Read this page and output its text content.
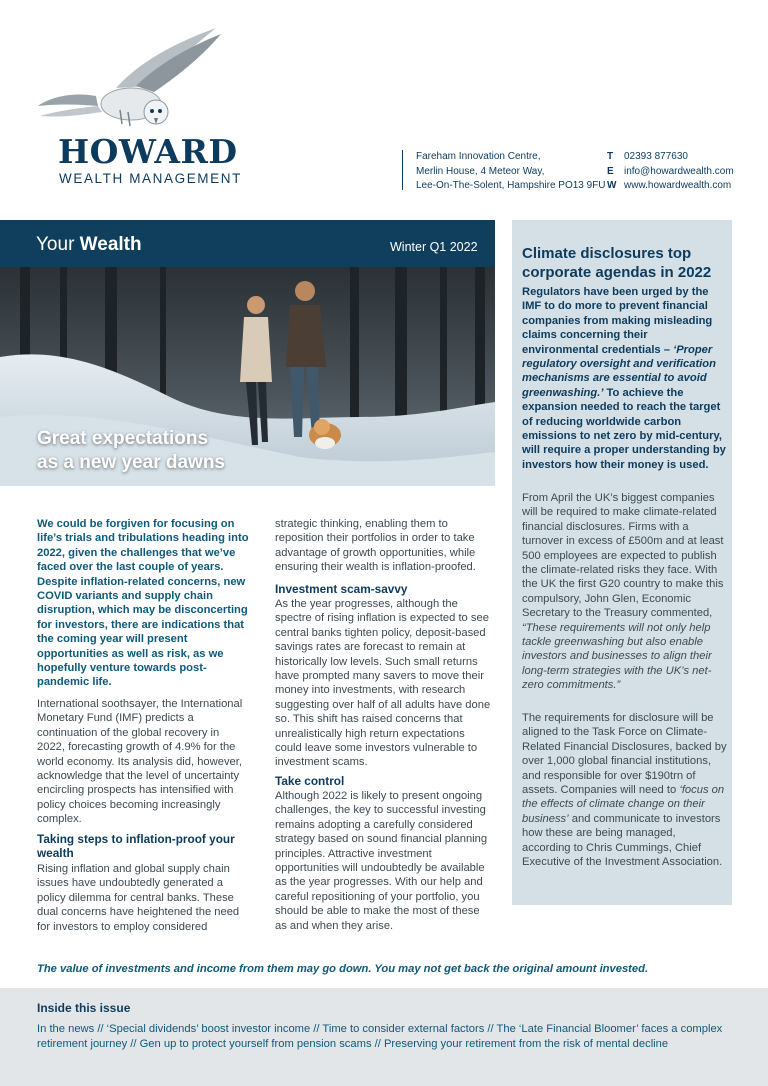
HOWARD
WEALTH MANAGEMENT
Fareham Innovation Centre,
Merlin House, 4 Meteor Way,
Lee-On-The-Solent, Hampshire PO13 9FU
T 02393 877630
E info@howardwealth.com
W www.howardwealth.com
Your Wealth	Winter Q1 2022
Great expectations
as a new year dawns
Climate disclosures top corporate agendas in 2022
Regulators have been urged by the IMF to do more to prevent financial companies from making misleading claims concerning their environmental credentials – ‘Proper regulatory oversight and verification mechanisms are essential to avoid greenwashing.’ To achieve the expansion needed to reach the target of reducing worldwide carbon emissions to net zero by mid-century, will require a proper understanding by investors how their money is used.
From April the UK’s biggest companies will be required to make climate-related financial disclosures. Firms with a turnover in excess of £500m and at least 500 employees are expected to publish the climate-related risks they face. With the UK the first G20 country to make this compulsory, John Glen, Economic Secretary to the Treasury commented, “These requirements will not only help tackle greenwashing but also enable investors and businesses to align their long-term strategies with the UK’s net-zero commitments.”
The requirements for disclosure will be aligned to the Task Force on Climate-Related Financial Disclosures, backed by over 1,000 global financial institutions, and responsible for over $190trn of assets. Companies will need to ‘focus on the effects of climate change on their business’ and communicate to investors how these are being managed, according to Chris Cummings, Chief Executive of the Investment Association.
We could be forgiven for focusing on life’s trials and tribulations heading into 2022, given the challenges that we’ve faced over the last couple of years. Despite inflation-related concerns, new COVID variants and supply chain disruption, which may be disconcerting for investors, there are indications that the coming year will present opportunities as well as risk, as we hopefully venture towards post-pandemic life.
International soothsayer, the International Monetary Fund (IMF) predicts a continuation of the global recovery in 2022, forecasting growth of 4.9% for the world economy. Its analysis did, however, acknowledge that the level of uncertainty encircling prospects has intensified with policy choices becoming increasingly complex.
Taking steps to inflation-proof your wealth
Rising inflation and global supply chain issues have undoubtedly generated a policy dilemma for central banks. These dual concerns have heightened the need for investors to employ considered
strategic thinking, enabling them to reposition their portfolios in order to take advantage of growth opportunities, while ensuring their wealth is inflation-proofed.
Investment scam-savvy
As the year progresses, although the spectre of rising inflation is expected to see central banks tighten policy, deposit-based savings rates are forecast to remain at historically low levels. Such small returns have prompted many savers to move their money into investments, with research suggesting over half of all adults have done so. This shift has raised concerns that unrealistically high return expectations could leave some investors vulnerable to investment scams.
Take control
Although 2022 is likely to present ongoing challenges, the key to successful investing remains adopting a carefully considered strategy based on sound financial planning principles. Attractive investment opportunities will undoubtedly be available as the year progresses. With our help and careful repositioning of your portfolio, you should be able to make the most of these as and when they arise.
The value of investments and income from them may go down. You may not get back the original amount invested.
Inside this issue
In the news // ‘Special dividends’ boost investor income // Time to consider external factors // The ‘Late Financial Bloomer’ faces a complex retirement journey // Gen up to protect yourself from pension scams // Preserving your retirement from the risk of mental decline
